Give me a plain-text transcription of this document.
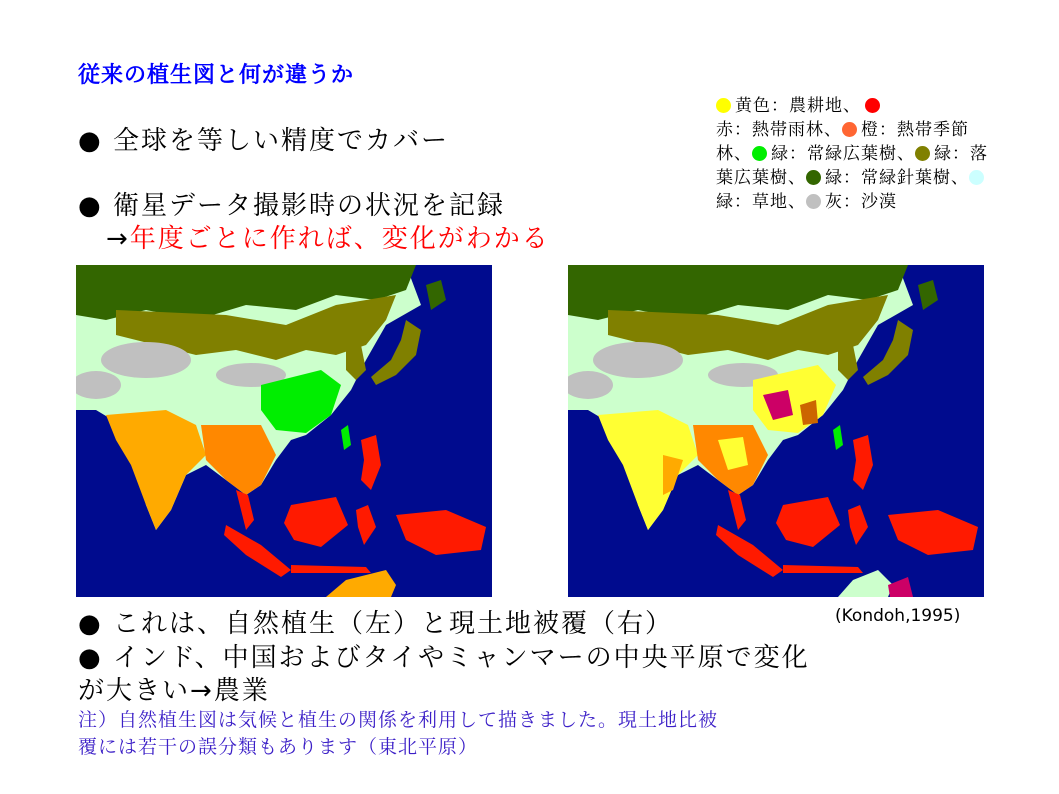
従来の植生図と何が違うか
● 全球を等しい精度でカバー
● 衛星データ撮影時の状況を記録
→年度ごとに作れば、変化がわかる
黄色：農耕地、
赤：熱帯雨林、 橙：熱帯季節林、 緑：常緑広葉樹、 緑：落葉広葉樹、 緑：常緑針葉樹、緑：草地、 灰：沙漠
● これは、自然植生（左）と現土地被覆（右）	(Kondoh,1995)
● インド、中国およびタイやミャンマーの中央平原で変化
が大きい→農業
注）自然植生図は気候と植生の関係を利用して描きました。現土地比被
覆には若干の誤分類もあります（東北平原）
